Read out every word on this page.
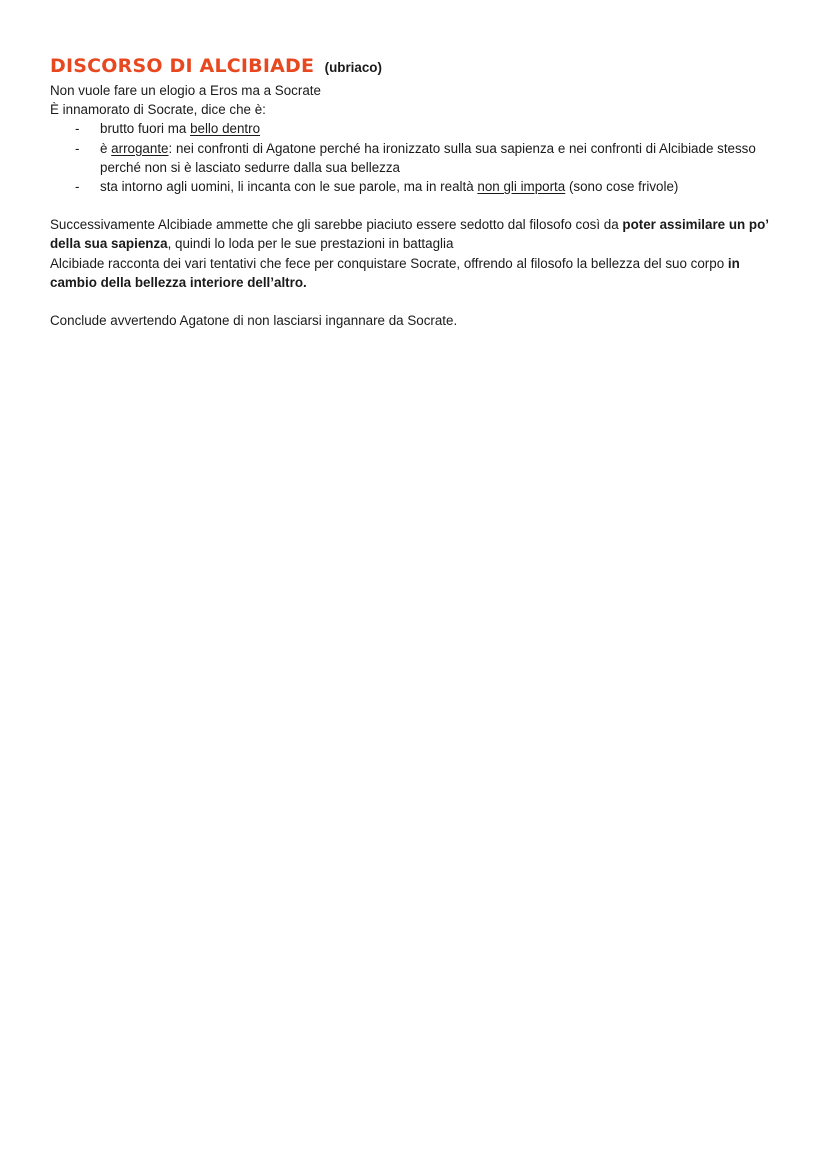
DISCORSO DI ALCIBIADE (ubriaco)

Non vuole fare un elogio a Eros ma a Socrate

È innamorato di Socrate, dice che è:

- brutto fuori ma bello dentro
- è arrogante: nei confronti di Agatone perché ha ironizzato sulla sua sapienza e nei confronti di Alcibiade stesso perché non si è lasciato sedurre dalla sua bellezza
- sta intorno agli uomini, li incanta con le sue parole, ma in realtà non gli importa (sono cose frivole)

Successivamente Alcibiade ammette che gli sarebbe piaciuto essere sedotto dal filosofo così da poter assimilare un po’ della sua sapienza, quindi lo loda per le sue prestazioni in battaglia

Alcibiade racconta dei vari tentativi che fece per conquistare Socrate, offrendo al filosofo la bellezza del suo corpo in cambio della bellezza interiore dell’altro.

Conclude avvertendo Agatone di non lasciarsi ingannare da Socrate.
